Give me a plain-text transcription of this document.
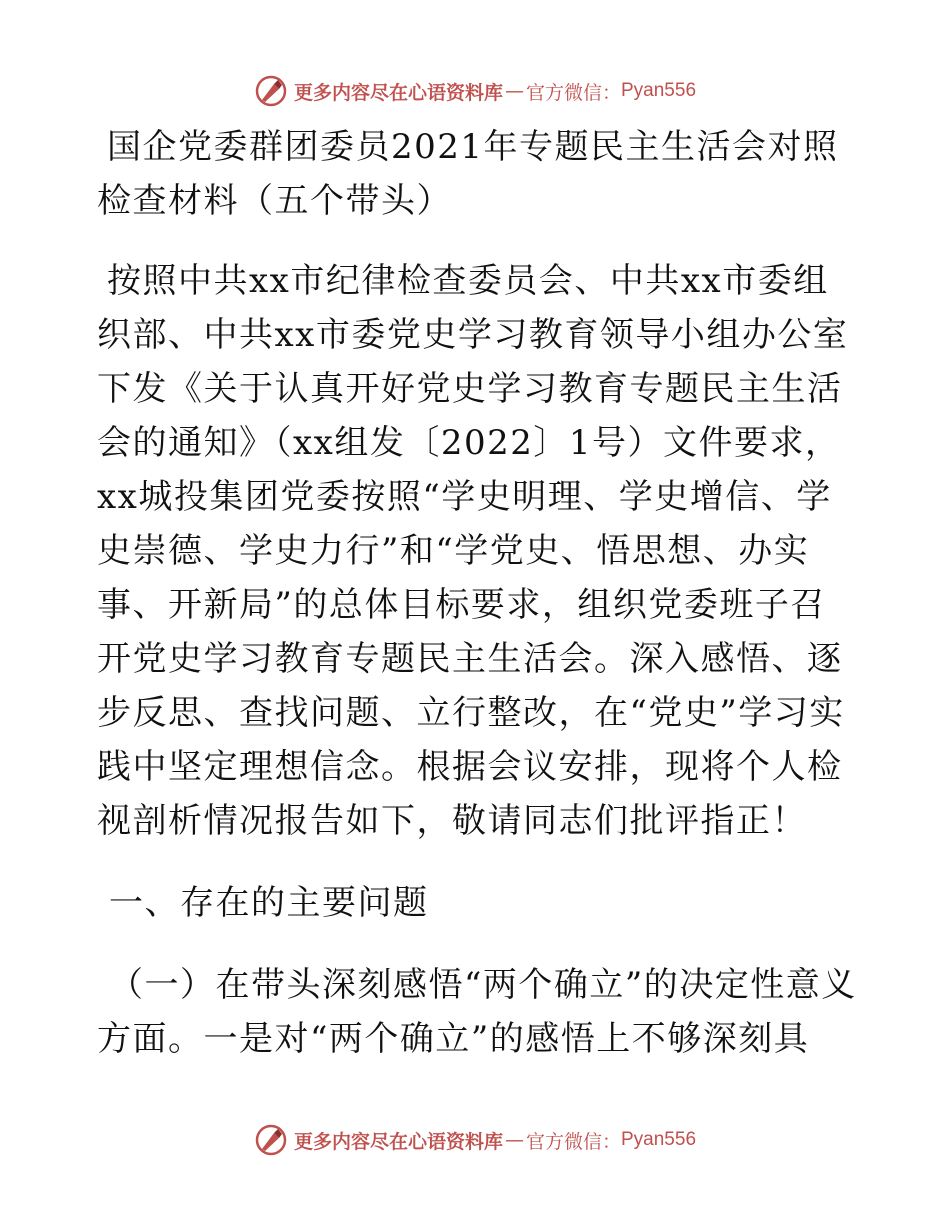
更多内容尽在心语资料库 — 官方微信： Pyan556
国企党委群团委员2021年专题民主生活会对照检查材料（五个带头）

按照中共xx市纪律检查委员会、中共xx市委组织部、中共xx市委党史学习教育领导小组办公室下发《关于认真开好党史学习教育专题民主生活会的通知》（xx组发〔2022〕1号）文件要求，xx城投集团党委按照“学史明理、学史增信、学史崇德、学史力行”和“学党史、悟思想、办实事、开新局”的总体目标要求，组织党委班子召开党史学习教育专题民主生活会。深入感悟、逐步反思、查找问题、立行整改，在“党史”学习实践中坚定理想信念。根据会议安排，现将个人检视剖析情况报告如下，敬请同志们批评指正！

一、存在的主要问题

（一）在带头深刻感悟“两个确立”的决定性意义方面。一是对“两个确立”的感悟上不够深刻具

更多内容尽在心语资料库 — 官方微信： Pyan556
